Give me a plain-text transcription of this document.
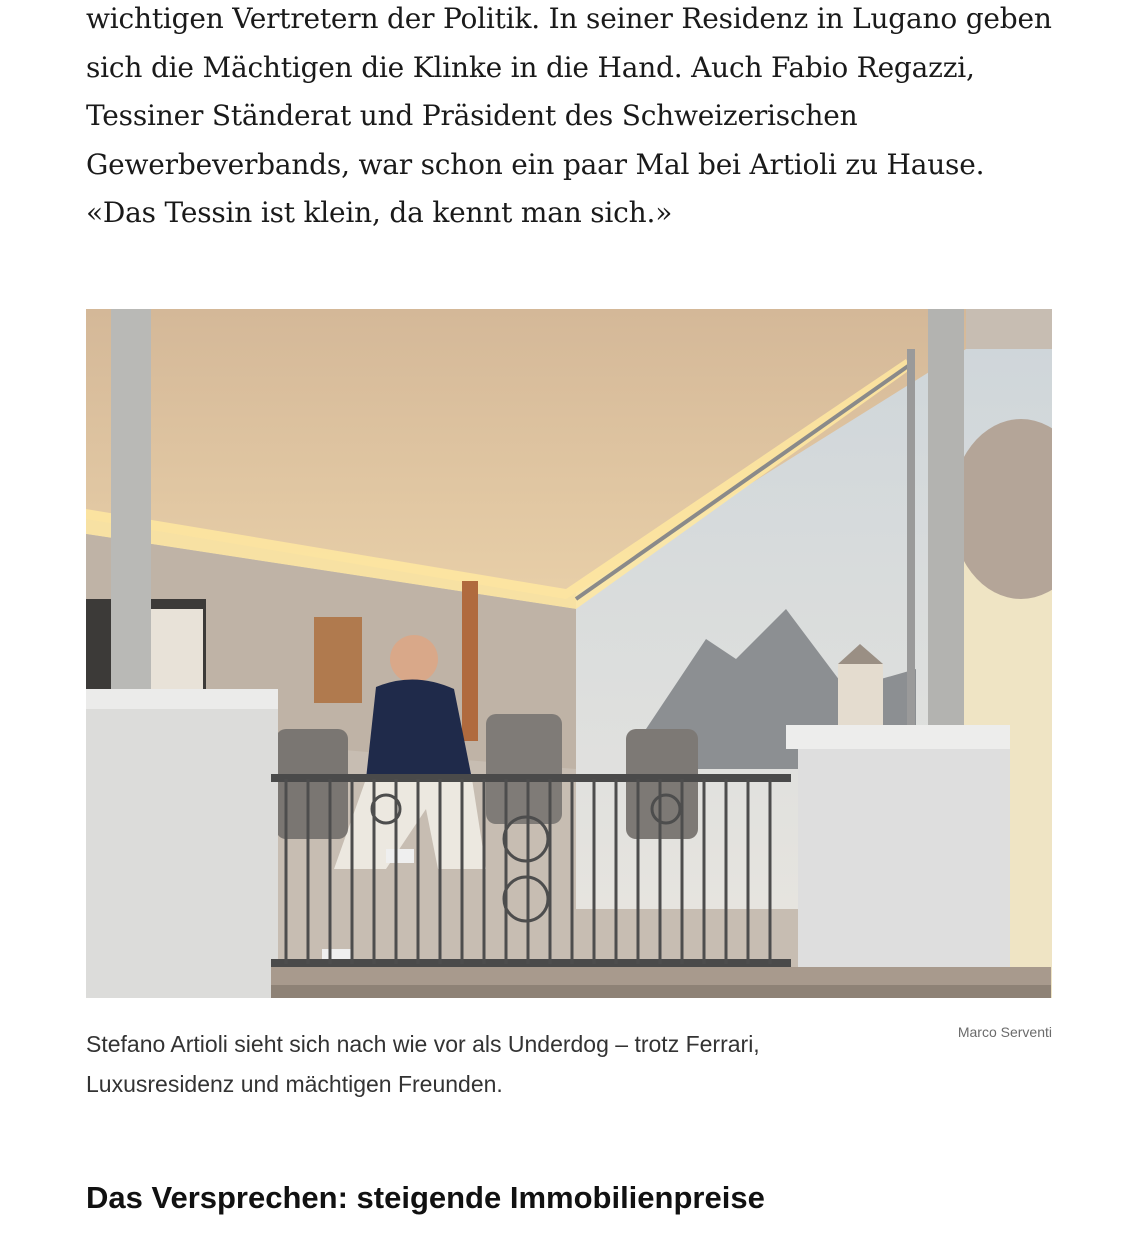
wichtigen Vertretern der Politik. In seiner Residenz in Lugano geben sich die Mächtigen die Klinke in die Hand. Auch Fabio Regazzi, Tessiner Ständerat und Präsident des Schweizerischen Gewerbeverbands, war schon ein paar Mal bei Artioli zu Hause. «Das Tessin ist klein, da kennt man sich.»

Stefano Artioli sieht sich nach wie vor als Underdog – trotz Ferrari, Luxusresidenz und mächtigen Freunden.

Marco Serventi

Das Versprechen: steigende Immobilienpreise
